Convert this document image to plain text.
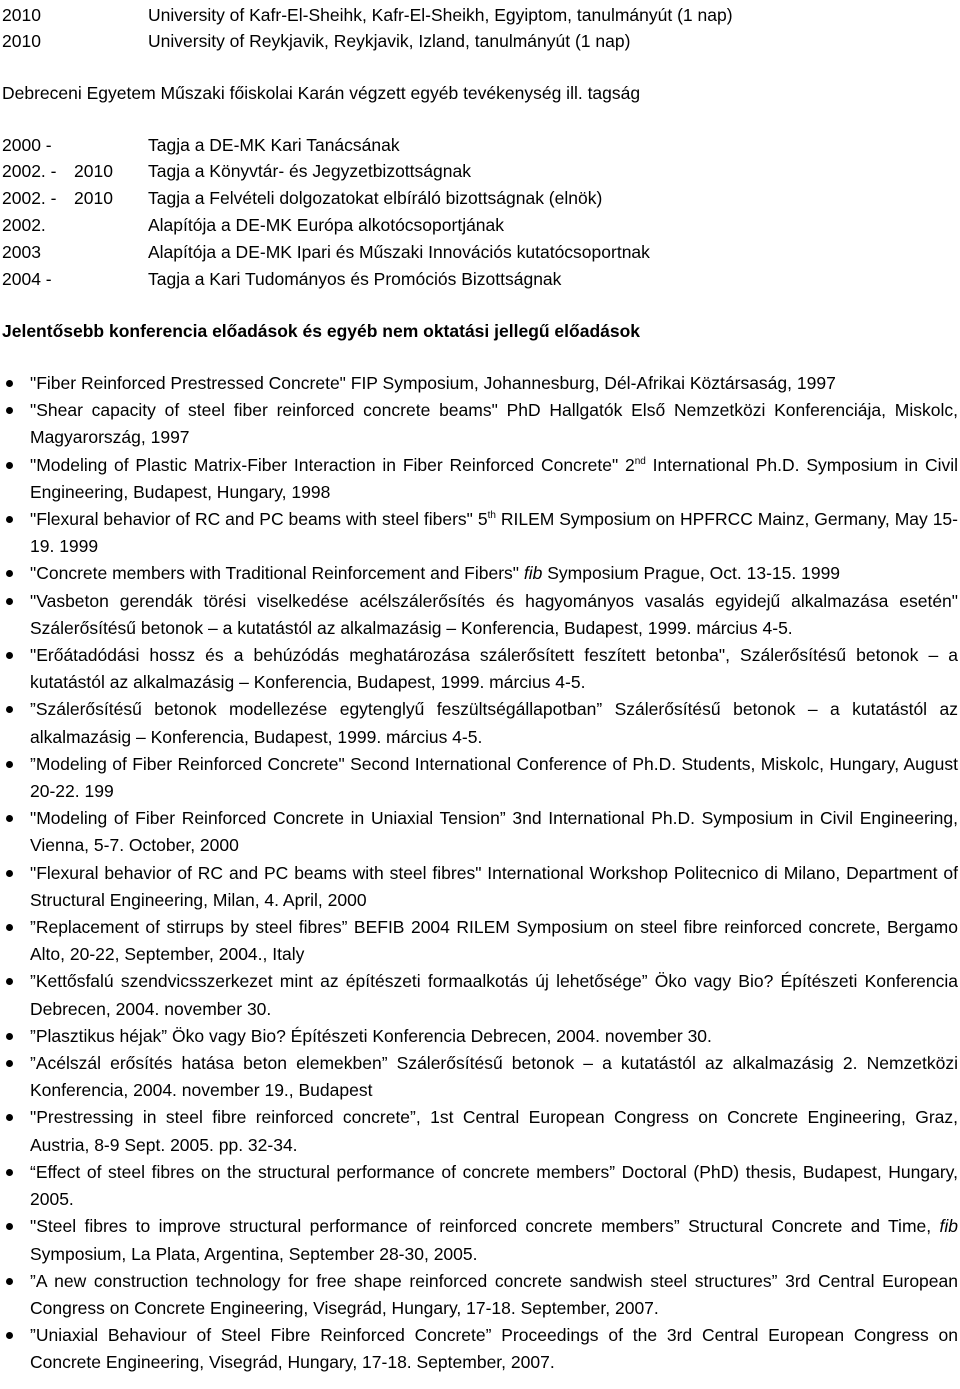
2010	University of Kafr-El-Sheihk, Kafr-El-Sheikh, Egyiptom, tanulmányút (1 nap)
2010	University of Reykjavik, Reykjavik, Izland, tanulmányút (1 nap)
Debreceni Egyetem Műszaki főiskolai Karán végzett egyéb tevékenység ill. tagság
2000 -	Tagja a DE-MK Kari Tanácsának
2002. - 2010 Tagja a Könyvtár- és Jegyzetbizottságnak
2002. - 2010 Tagja a Felvételi dolgozatokat elbíráló bizottságnak (elnök)
2002.	Alapítója a DE-MK Európa alkotócsoportjának
2003	Alapítója a DE-MK Ipari és Műszaki Innovációs kutatócsoportnak
2004 -	Tagja a Kari Tudományos és Promóciós Bizottságnak
Jelentősebb konferencia előadások és egyéb nem oktatási jellegű előadások
"Fiber Reinforced Prestressed Concrete" FIP Symposium, Johannesburg, Dél-Afrikai Köztársaság, 1997
"Shear capacity of steel fiber reinforced concrete beams" PhD Hallgatók Első Nemzetközi Konferenciája, Miskolc, Magyarország, 1997
"Modeling of Plastic Matrix-Fiber Interaction in Fiber Reinforced Concrete" 2nd International Ph.D. Symposium in Civil Engineering, Budapest, Hungary, 1998
"Flexural behavior of RC and PC beams with steel fibers" 5th RILEM Symposium on HPFRCC Mainz, Germany, May 15-19. 1999
"Concrete members with Traditional Reinforcement and Fibers" fib Symposium Prague, Oct. 13-15. 1999
"Vasbeton gerendák törési viselkedése acélszálerősítés és hagyományos vasalás egyidejű alkalmazása esetén" Szálerősítésű betonok – a kutatástól az alkalmazásig – Konferencia, Budapest, 1999. március 4-5.
"Erőátadódási hossz és a behúzódás meghatározása szálerősített feszített betonba", Szálerősítésű betonok – a kutatástól az alkalmazásig – Konferencia, Budapest, 1999. március 4-5.
”Szálerősítésű betonok modellezése egytenglyű feszültségállapotban” Szálerősítésű betonok – a kutatástól az alkalmazásig – Konferencia, Budapest, 1999. március 4-5.
”Modeling of Fiber Reinforced Concrete" Second International Conference of Ph.D. Students, Miskolc, Hungary, August 20-22. 199
"Modeling of Fiber Reinforced Concrete in Uniaxial Tension” 3nd International Ph.D. Symposium in Civil Engineering, Vienna, 5-7. October, 2000
"Flexural behavior of RC and PC beams with steel fibres" International Workshop Politecnico di Milano, Department of Structural Engineering, Milan, 4. April, 2000
”Replacement of stirrups by steel fibres” BEFIB 2004 RILEM Symposium on steel fibre reinforced concrete, Bergamo Alto, 20-22, September, 2004., Italy
”Kettősfalú szendvicsszerkezet mint az építészeti formaalkotás új lehetősége” Öko vagy Bio? Építészeti Konferencia Debrecen, 2004. november 30.
”Plasztikus héjak” Öko vagy Bio? Építészeti Konferencia Debrecen, 2004. november 30.
”Acélszál erősítés hatása beton elemekben” Szálerősítésű betonok – a kutatástól az alkalmazásig 2. Nemzetközi Konferencia, 2004. november 19., Budapest
"Prestressing in steel fibre reinforced concrete”, 1st Central European Congress on Concrete Engineering, Graz, Austria, 8-9 Sept. 2005. pp. 32-34.
“Effect of steel fibres on the structural performance of concrete members” Doctoral (PhD) thesis, Budapest, Hungary, 2005.
"Steel fibres to improve structural performance of reinforced concrete members” Structural Concrete and Time, fib Symposium, La Plata, Argentina, September 28-30, 2005.
”A new construction technology for free shape reinforced concrete sandwish steel structures” 3rd Central European Congress on Concrete Engineering, Visegrád, Hungary, 17-18. September, 2007.
”Uniaxial Behaviour of Steel Fibre Reinforced Concrete” Proceedings of the 3rd Central European Congress on Concrete Engineering, Visegrád, Hungary, 17-18. September, 2007.
